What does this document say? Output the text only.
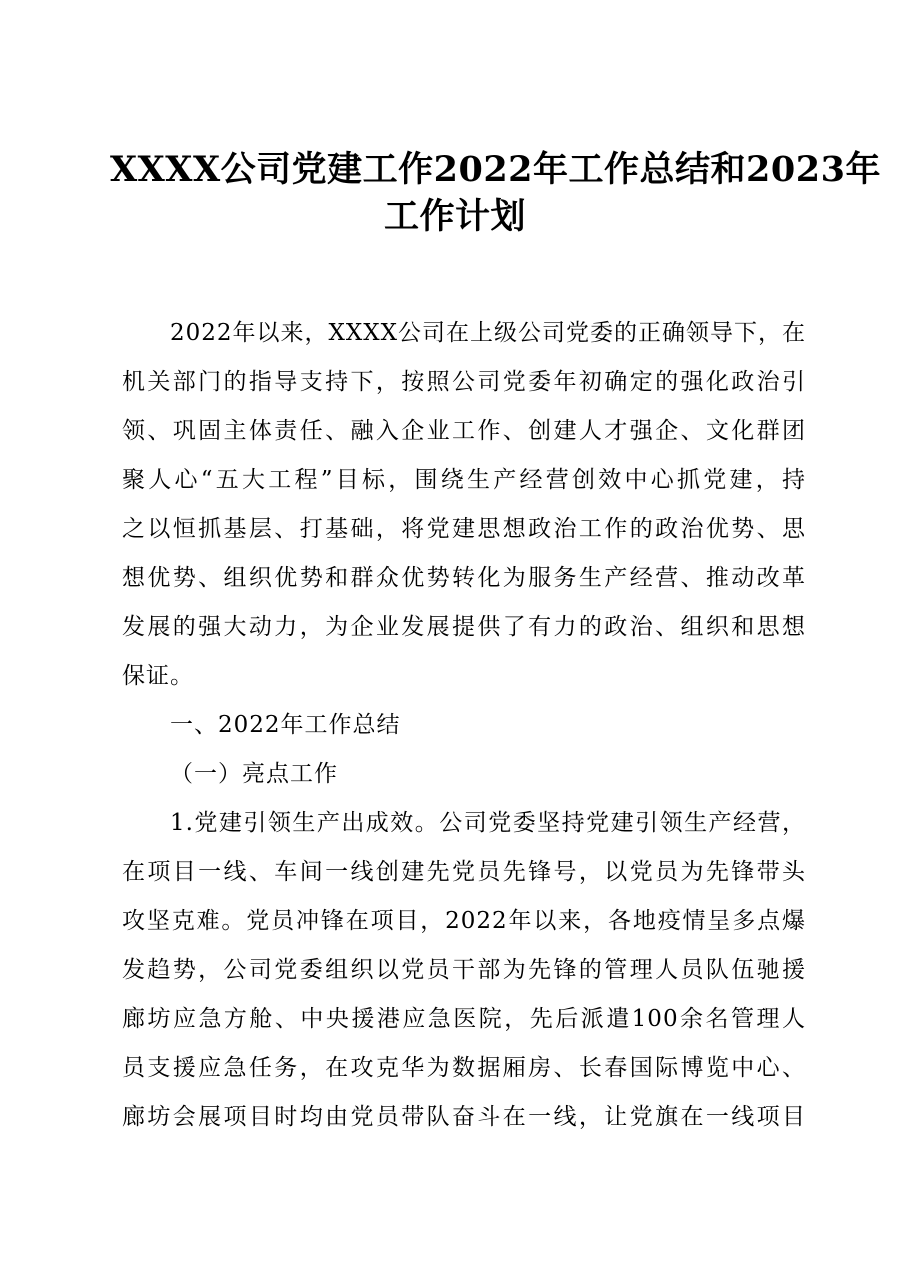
XXXX公司党建工作2022年工作总结和2023年
工作计划
2022年以来，XXXX公司在上级公司党委的正确领导下，在
机关部门的指导支持下，按照公司党委年初确定的强化政治引
领、巩固主体责任、融入企业工作、创建人才强企、文化群团
聚人心“五大工程”目标，围绕生产经营创效中心抓党建，持
之以恒抓基层、打基础，将党建思想政治工作的政治优势、思
想优势、组织优势和群众优势转化为服务生产经营、推动改革
发展的强大动力，为企业发展提供了有力的政治、组织和思想
保证。
一、2022年工作总结
（一）亮点工作
1.党建引领生产出成效。公司党委坚持党建引领生产经营，
在项目一线、车间一线创建先党员先锋号，以党员为先锋带头
攻坚克难。党员冲锋在项目，2022年以来，各地疫情呈多点爆
发趋势，公司党委组织以党员干部为先锋的管理人员队伍驰援
廊坊应急方舱、中央援港应急医院，先后派遣100余名管理人
员支援应急任务，在攻克华为数据厢房、长春国际博览中心、
廊坊会展项目时均由党员带队奋斗在一线，让党旗在一线项目
